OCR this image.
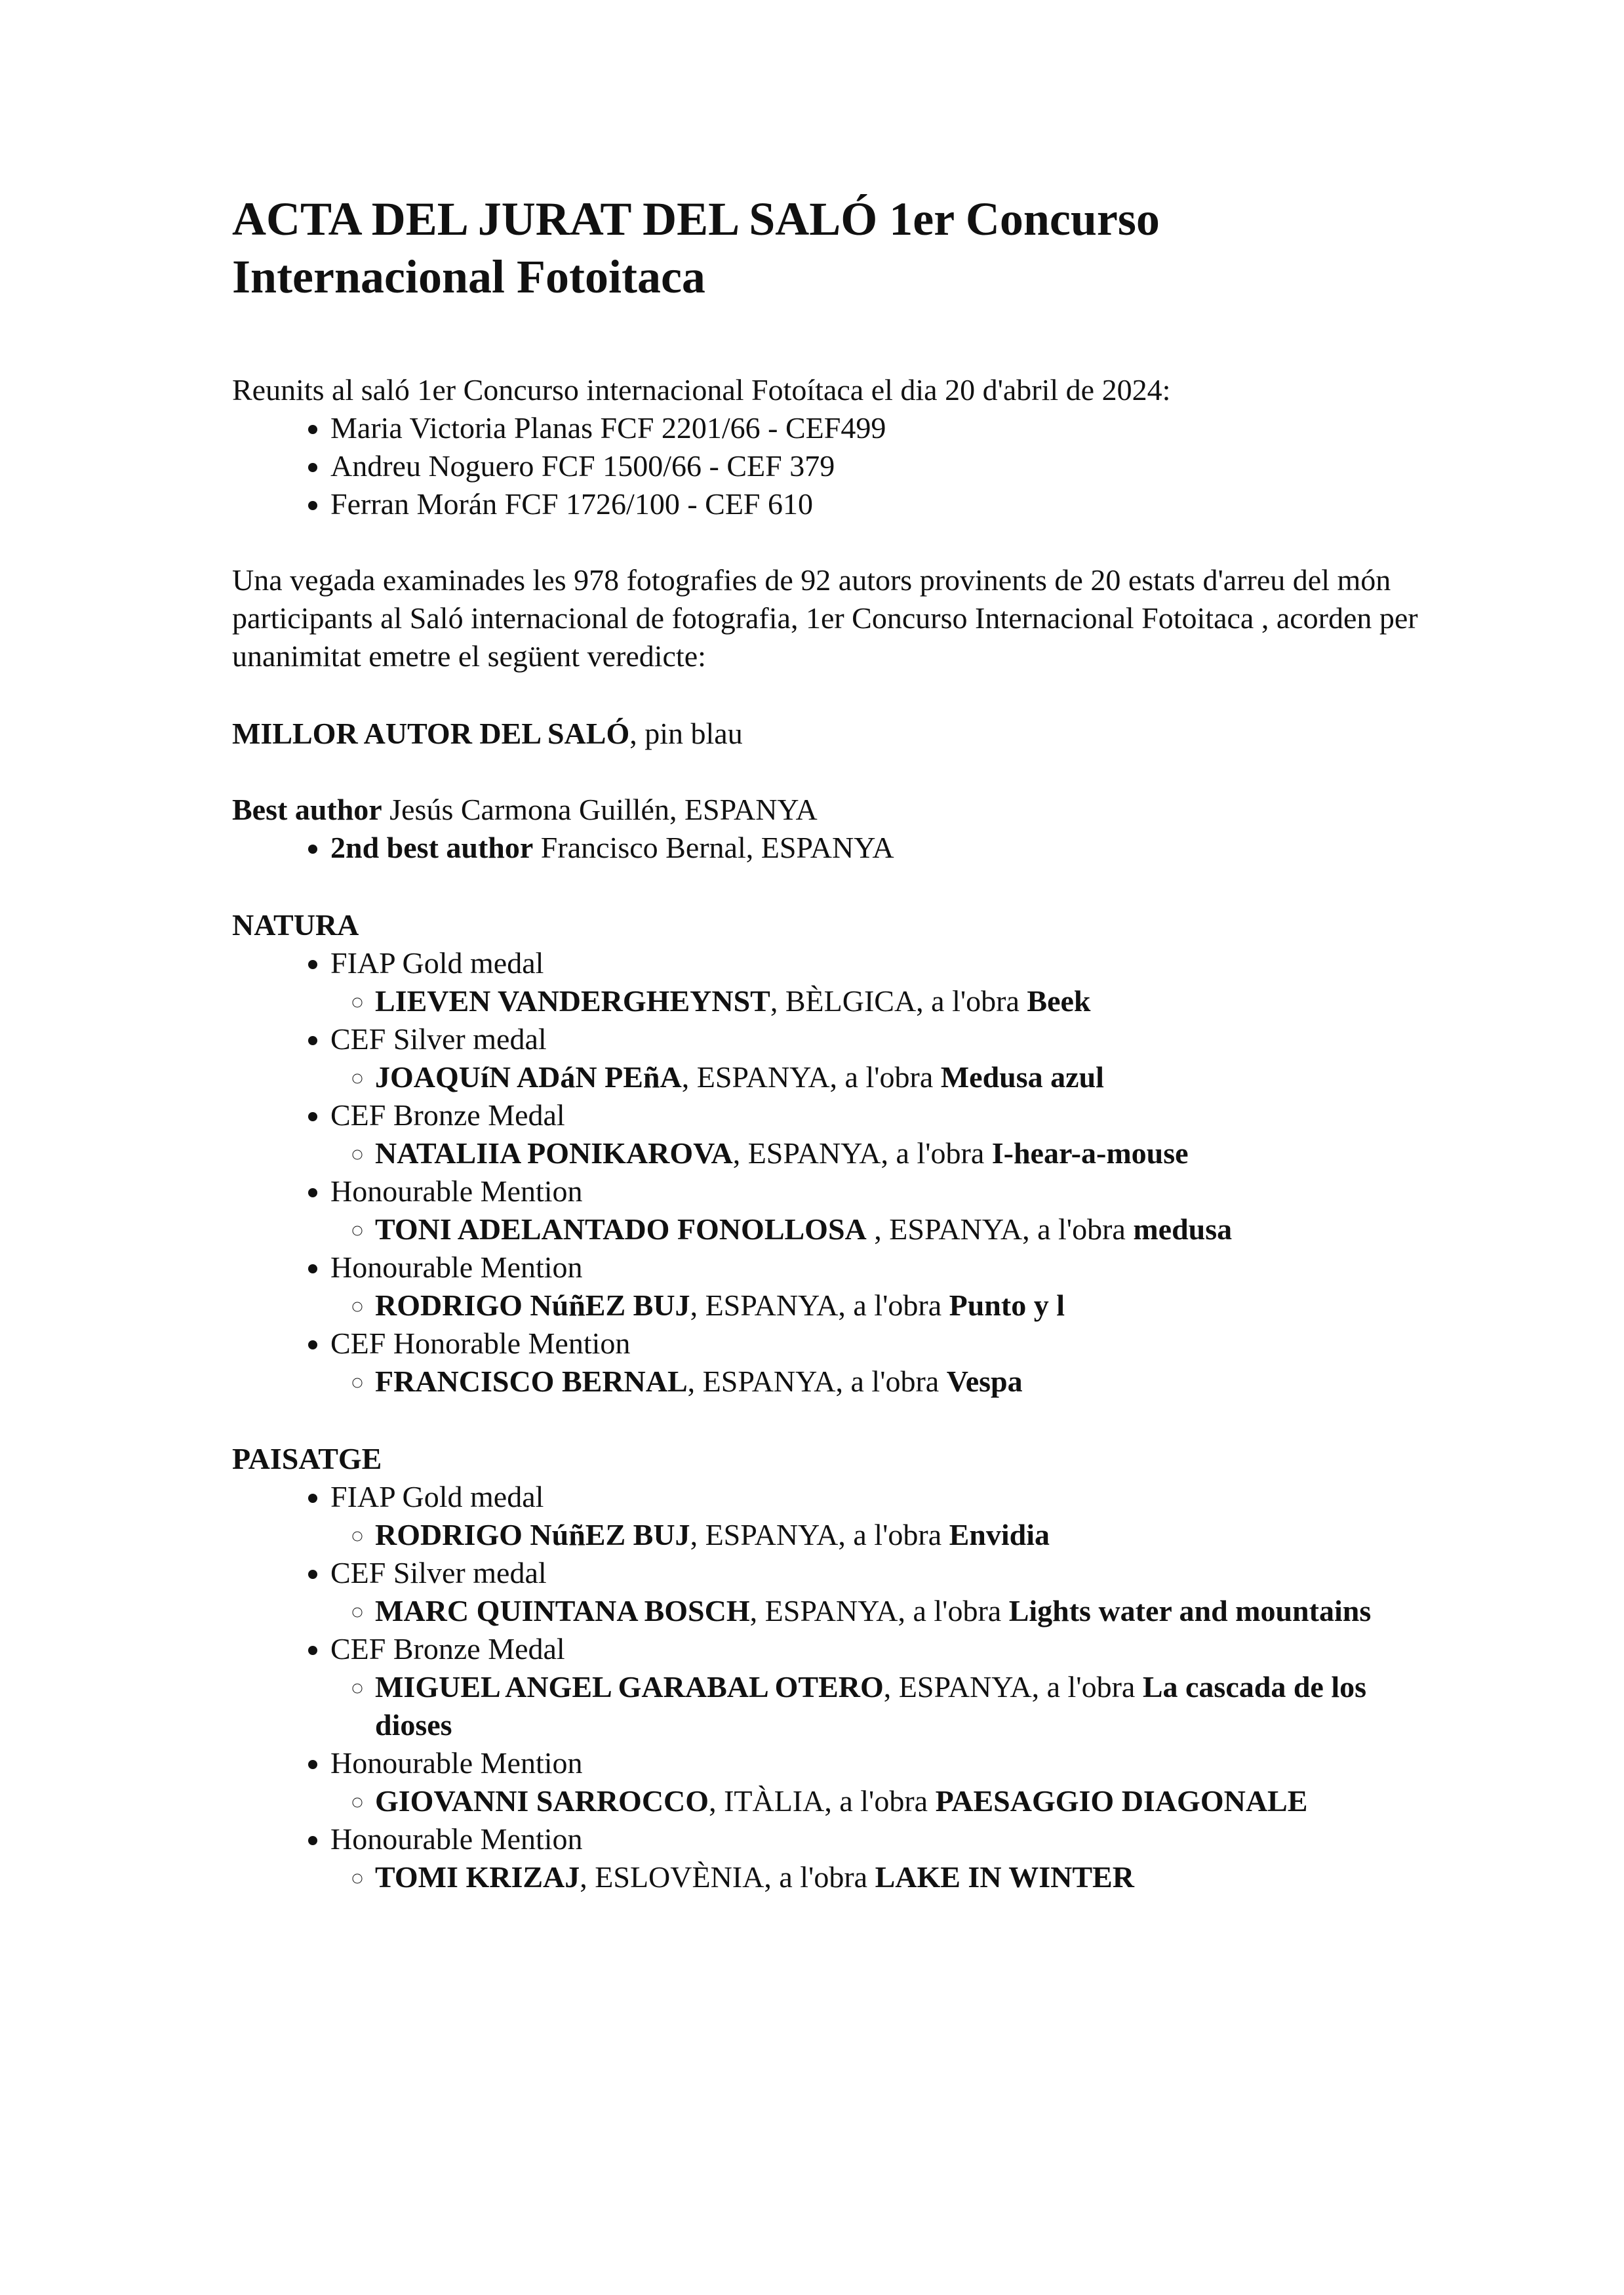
ACTA DEL JURAT DEL SALÓ 1er Concurso Internacional Fotoitaca

Reunits al saló 1er Concurso internacional Fotoítaca el dia 20 d'abril de 2024:

• Maria Victoria Planas FCF 2201/66 - CEF499
• Andreu Noguero FCF 1500/66 - CEF 379
• Ferran Morán FCF 1726/100 - CEF 610

Una vegada examinades les 978 fotografies de 92 autors provinents de 20 estats d'arreu del món participants al Saló internacional de fotografia, 1er Concurso Internacional Fotoitaca , acorden per unanimitat emetre el següent veredicte:

MILLOR AUTOR DEL SALÓ, pin blau

Best author Jesús Carmona Guillén, ESPANYA

• 2nd best author Francisco Bernal, ESPANYA
NATURA
• FIAP Gold medal
◦ LIEVEN VANDERGHEYNST, BÈLGICA, a l'obra Beek
• CEF Silver medal
◦ JOAQUíN ADáN PEñA, ESPANYA, a l'obra Medusa azul
• CEF Bronze Medal
◦ NATALIIA PONIKAROVA, ESPANYA, a l'obra I-hear-a-mouse
• Honourable Mention
◦ TONI ADELANTADO FONOLLOSA , ESPANYA, a l'obra medusa
• Honourable Mention
◦ RODRIGO NúñEZ BUJ, ESPANYA, a l'obra Punto y l
• CEF Honorable Mention
◦ FRANCISCO BERNAL, ESPANYA, a l'obra Vespa
PAISATGE
• FIAP Gold medal
◦ RODRIGO NúñEZ BUJ, ESPANYA, a l'obra Envidia
• CEF Silver medal
◦ MARC QUINTANA BOSCH, ESPANYA, a l'obra Lights water and mountains
• CEF Bronze Medal
◦ MIGUEL ANGEL GARABAL OTERO, ESPANYA, a l'obra La cascada de los dioses
• Honourable Mention
◦ GIOVANNI SARROCCO, ITÀLIA, a l'obra PAESAGGIO DIAGONALE
• Honourable Mention
◦ TOMI KRIZAJ, ESLOVÈNIA, a l'obra LAKE IN WINTER
